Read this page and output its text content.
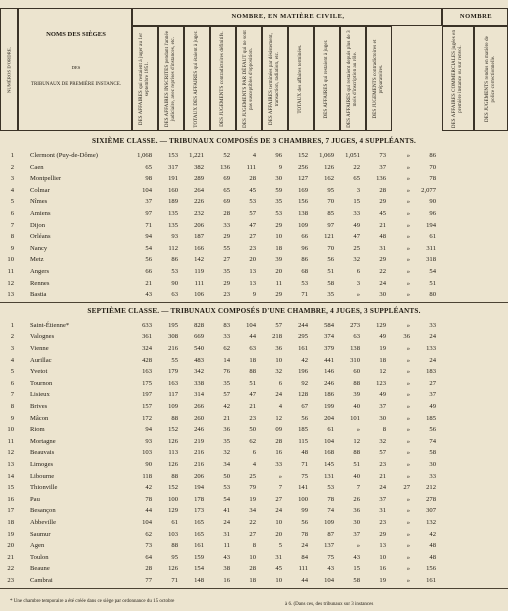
NUMÉROS D'ORDRE.
NOMS DES SIÈGES
DES
TRIBUNAUX DE PREMIÈRE INSTANCE.
NOMBRE, EN MATIÈRE CIVILE,	NOMBRE
DES AFFAIRES qui restaient à juger au 1er septembre 1851.	DES AFFAIRES INSCRITES pendant l'année judiciaire, avec reprises d'instances, etc.	TOTAUX DES AFFAIRES qui étaient à juger.	DES JUGEMENTS contradictoires définitifs.	DES JUGEMENTS PAR DÉFAUT qui ne sont pas susceptibles d'opposition.	DES AFFAIRES terminées par désistement, transaction, radiation, etc.	TOTAUX des affaires terminées.	DES AFFAIRES qui restaient à juger.	DES AFFAIRES qui restaient depuis plus de 3 mois d'inscription au rôle.	DES JUGEMENTS contradictoires et préparatoires.	DES AFFAIRES COMMERCIALES jugées en première instance ou sur renvoi.	DES JUGEMENTS rendus en matière de police correctionnelle.
SIXIÈME CLASSE. — TRIBUNAUX COMPOSÉS DE 3 CHAMBRES, 7 JUGES, 4 SUPPLÉANTS.
1 Clermont (Puy-de-Dôme)	1,068	153	1,221	52	4	96	152	1,069	1,051	73	»	86
2 Caen	65	317	382	136	111	9	256	126	22	37	»	70
3 Montpellier	98	191	289	69	28	30	127	162	65	136	»	78
4 Colmar	104	160	264	65	45	59	169	95	3	28	»	2,077
5 Nîmes	37	189	226	69	53	35	156	70	15	29	»	90
6 Amiens	97	135	232	28	57	53	138	85	33	45	»	96
7 Dijon	71	135	206	33	47	29	109	97	49	21	»	194
8 Orléans	94	93	187	29	27	10	66	121	47	48	»	61
9 Nancy	54	112	166	55	23	18	96	70	25	31	»	311
10 Metz	56	86	142	27	20	39	86	56	32	29	»	318
11 Angers	66	53	119	35	13	20	68	51	6	22	»	54
12 Rennes	21	90	111	29	13	11	53	58	3	24	»	51
13 Bastia	43	63	106	23	9	29	71	35	»	30	»	80
SEPTIÈME CLASSE. — TRIBUNAUX COMPOSÉS D'UNE CHAMBRE, 4 JUGES, 3 SUPPLÉANTS.
1 Saint-Étienne*	633	195	828	83	104	57	244	584	273	129	»	33
2 Valognes	361	308	669	33	44	218	295	374	63	49	36	24
3 Vienne	324	216	540	62	63	36	161	379	138	19	»	133
4 Aurillac	428	55	483	14	18	10	42	441	310	18	»	24
5 Yvetot	163	179	342	76	88	32	196	146	60	12	»	183
6 Tournon	175	163	338	35	51	6	92	246	88	123	»	27
7 Lisieux	197	117	314	57	47	24	128	186	39	49	»	37
8 Brives	157	109	266	42	21	4	67	199	40	37	»	49
9 Mâcon	172	88	260	21	23	12	56	204	101	30	»	185
10 Riom	94	152	246	36	50	09	185	61	»	8	»	56
11 Mortagne	93	126	219	35	62	28	115	104	12	32	»	74
12 Beauvais	103	113	216	32	6	16	48	168	88	57	»	58
13 Limoges	90	126	216	34	4	33	71	145	51	23	»	30
14 Libourne	118	88	206	50	25	»	75	131	40	21	»	33
15 Thionville	42	152	194	53	79	7	141	53	7	24	27	212
16 Pau	78	100	178	54	19	27	100	78	26	37	»	278
17 Besançon	44	129	173	41	34	24	99	74	36	31	»	307
18 Abbeville	104	61	165	24	22	10	56	109	30	23	»	132
19 Saumur	62	103	165	31	27	20	78	87	37	29	»	42
20 Agen	73	88	161	11	8	5	24	137	»	13	»	48
21 Toulon	64	95	159	43	10	31	84	75	43	10	»	48
22 Beaune	28	126	154	38	28	45	111	43	15	16	»	156
23 Cambrai	77	71	148	16	18	10	44	104	58	19	»	161
* Une chambre temporaire a été créée dans ce siège par ordonnance du 15 octobre
à 6. (Dans ces, des tribunaux sur 3 instances
